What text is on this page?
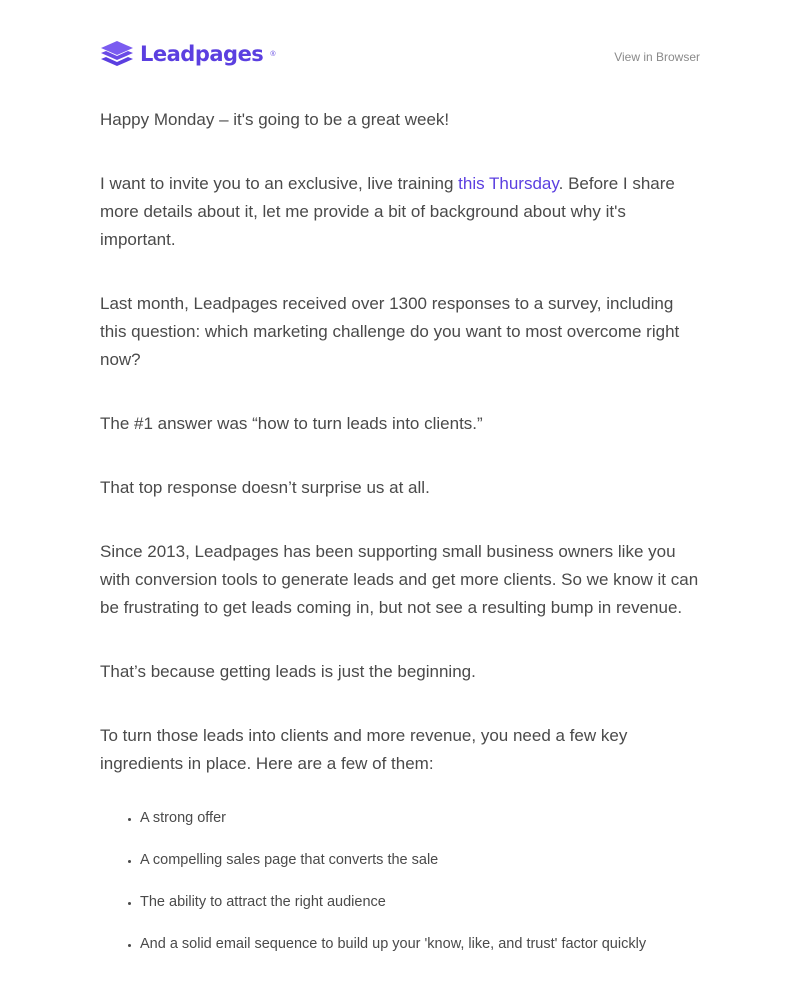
Leadpages ®	View in Browser

Happy Monday – it's going to be a great week!

I want to invite you to an exclusive, live training this Thursday. Before I share more details about it, let me provide a bit of background about why it's important.

Last month, Leadpages received over 1300 responses to a survey, including this question: which marketing challenge do you want to most overcome right now?

The #1 answer was “how to turn leads into clients.”

That top response doesn’t surprise us at all.

Since 2013, Leadpages has been supporting small business owners like you with conversion tools to generate leads and get more clients. So we know it can be frustrating to get leads coming in, but not see a resulting bump in revenue.

That’s because getting leads is just the beginning.

To turn those leads into clients and more revenue, you need a few key ingredients in place. Here are a few of them:

• A strong offer
• A compelling sales page that converts the sale
• The ability to attract the right audience
• And a solid email sequence to build up your 'know, like, and trust' factor quickly
